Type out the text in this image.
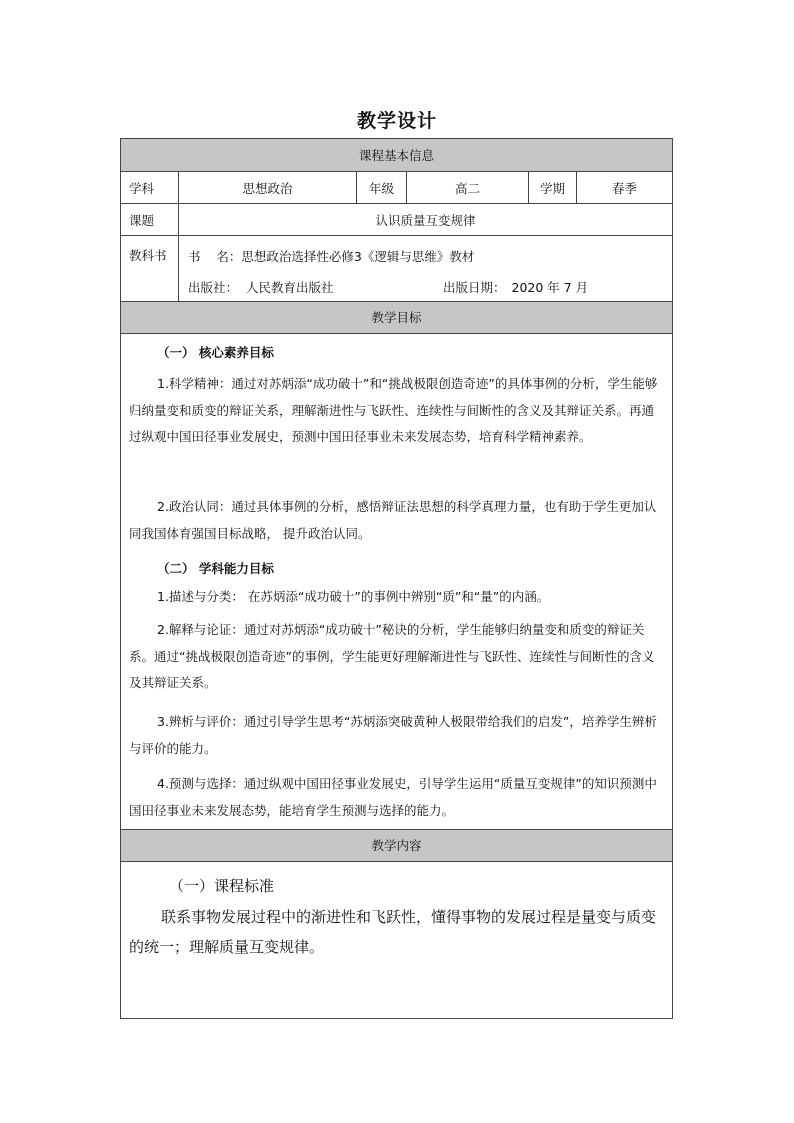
教学设计
课程基本信息
学科	思想政治	年级	高二	学期	春季
课题	认识质量互变规律
教科书 书    名：思想政治选择性必修3《逻辑与思维》教材
出版社： 人民教育出版社	出版日期： 2020 年 7 月
教学目标
（一） 核心素养目标
1.科学精神：通过对苏炳添“成功破十”和“挑战极限创造奇迹”的具体事例的分析，学生能够归纳量变和质变的辩证关系，理解渐进性与飞跃性、连续性与间断性的含义及其辩证关系。再通过纵观中国田径事业发展史，预测中国田径事业未来发展态势，培育科学精神素养。
2.政治认同：通过具体事例的分析，感悟辩证法思想的科学真理力量，也有助于学生更加认同我国体育强国目标战略， 提升政治认同。
（二） 学科能力目标
1.描述与分类： 在苏炳添“成功破十”的事例中辨别“质”和“量”的内涵。
2.解释与论证：通过对苏炳添“成功破十”秘诀的分析，学生能够归纳量变和质变的辩证关系。通过“挑战极限创造奇迹”的事例，学生能更好理解渐进性与飞跃性、连续性与间断性的含义及其辩证关系。
3.辨析与评价：通过引导学生思考“苏炳添突破黄种人极限带给我们的启发”，培养学生辨析与评价的能力。
4.预测与选择：通过纵观中国田径事业发展史，引导学生运用“质量互变规律”的知识预测中国田径事业未来发展态势，能培育学生预测与选择的能力。
教学内容
（一）课程标准
联系事物发展过程中的渐进性和飞跃性，懂得事物的发展过程是量变与质变的统一；理解质量互变规律。
